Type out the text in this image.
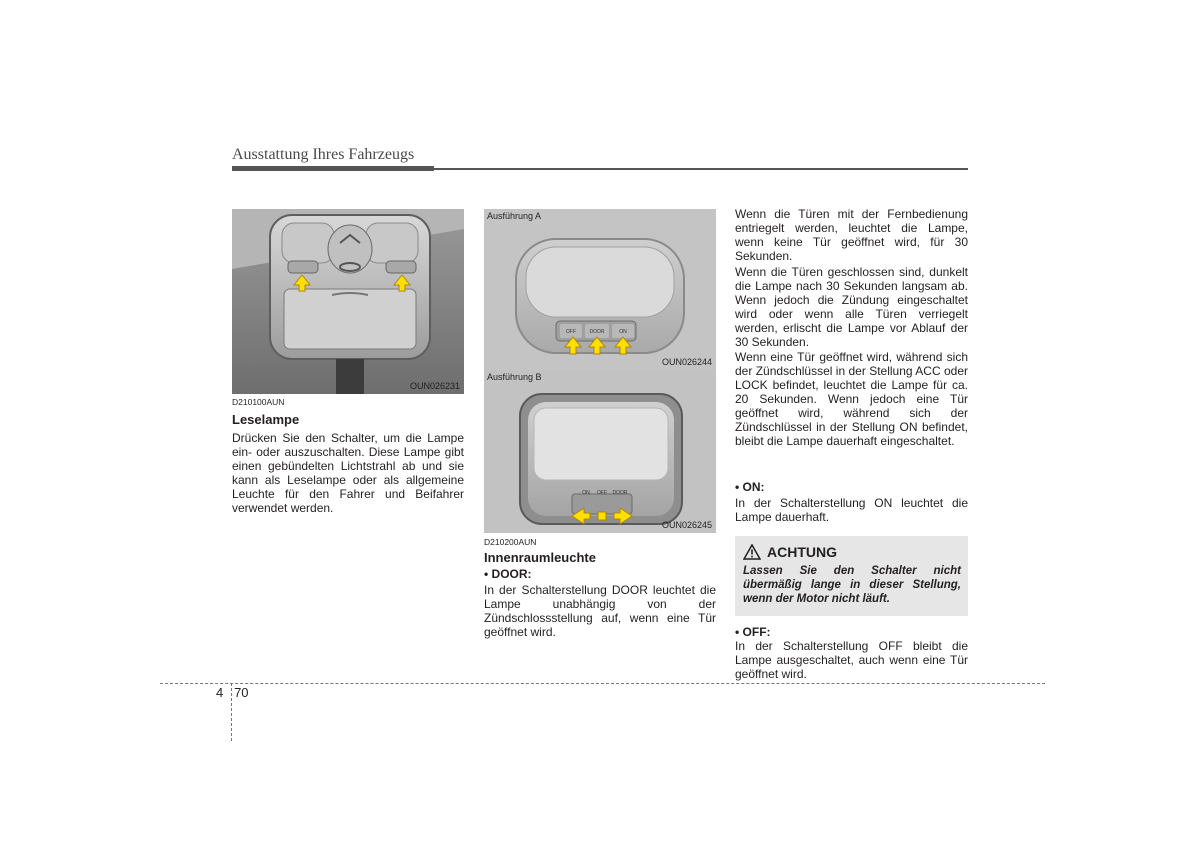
Ausstattung Ihres Fahrzeugs
OUN026231
D210100AUN
Leselampe
Drücken Sie den Schalter, um die Lampe ein- oder auszuschalten. Diese Lampe gibt einen gebündelten Lichtstrahl ab und sie kann als Leselampe oder als allgemeine Leuchte für den Fahrer und Beifahrer verwendet werden.
OFF	DOOR	ON
Ausführung A
OUN026244
ON OFF DOOR
Ausführung B
OUN026245
D210200AUN
Innenraumleuchte
• DOOR:
In der Schalterstellung DOOR leuchtet die Lampe unabhängig von der Zündschlossstellung auf, wenn eine Tür geöffnet wird.
Wenn die Türen mit der Fernbedienung entriegelt werden, leuchtet die Lampe, wenn keine Tür geöffnet wird, für 30 Sekunden.
Wenn die Türen geschlossen sind, dunkelt die Lampe nach 30 Sekunden langsam ab. Wenn jedoch die Zündung eingeschaltet wird oder wenn alle Türen verriegelt werden, erlischt die Lampe vor Ablauf der 30 Sekunden.
Wenn eine Tür geöffnet wird, während sich der Zündschlüssel in der Stellung ACC oder LOCK befindet, leuchtet die Lampe für ca. 20 Sekunden. Wenn jedoch eine Tür geöffnet wird, während sich der Zündschlüssel in der Stellung ON befindet, bleibt die Lampe dauerhaft eingeschaltet.
• ON:
In der Schalterstellung ON leuchtet die Lampe dauerhaft.
ACHTUNG
Lassen Sie den Schalter nicht übermäßig lange in dieser Stellung, wenn der Motor nicht läuft.
• OFF:
In der Schalterstellung OFF bleibt die Lampe ausgeschaltet, auch wenn eine Tür geöffnet wird.
4 70
